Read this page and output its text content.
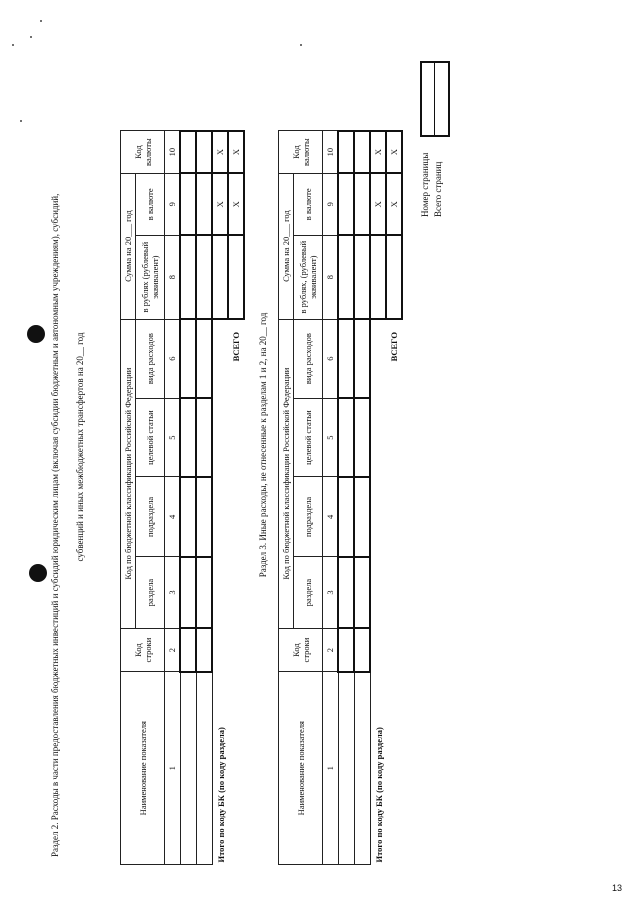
Раздел 2. Расходы в части предоставления бюджетных инвестиций и субсидий юридическим лицам (включая субсидии бюджетным и автономным учреждениям), субсидий, субвенций и иных межбюджетных трансфертов на 20__ год
Наименование показателя	Код строки	Код по бюджетной классификации Российской Федерации				Сумма на 20___ год		Код валюты
		раздела	подраздела	целевой статьи	вида расходов	в рублях (рублевый эквивалент)	в валюте	
1	2	3	4	5	6	8	9	10

Итого по коду БК (по коду раздела)							X	X
ВСЕГО							X	X
Раздел 3. Иные расходы, не отнесенные к разделам 1 и 2, на 20__ год
Наименование показателя	Код строки	Код по бюджетной классификации Российской Федерации				Сумма на 20___ год		Код валюты
		раздела	подраздела	целевой статьи	вида расходов	в рублях, (рублевый эквивалент)	в валюте	
1	2	3	4	5	6	8	9	10

Итого по коду БК (по коду раздела)							X	X
ВСЕГО							X	X
Номер страницы Всего страниц
13
